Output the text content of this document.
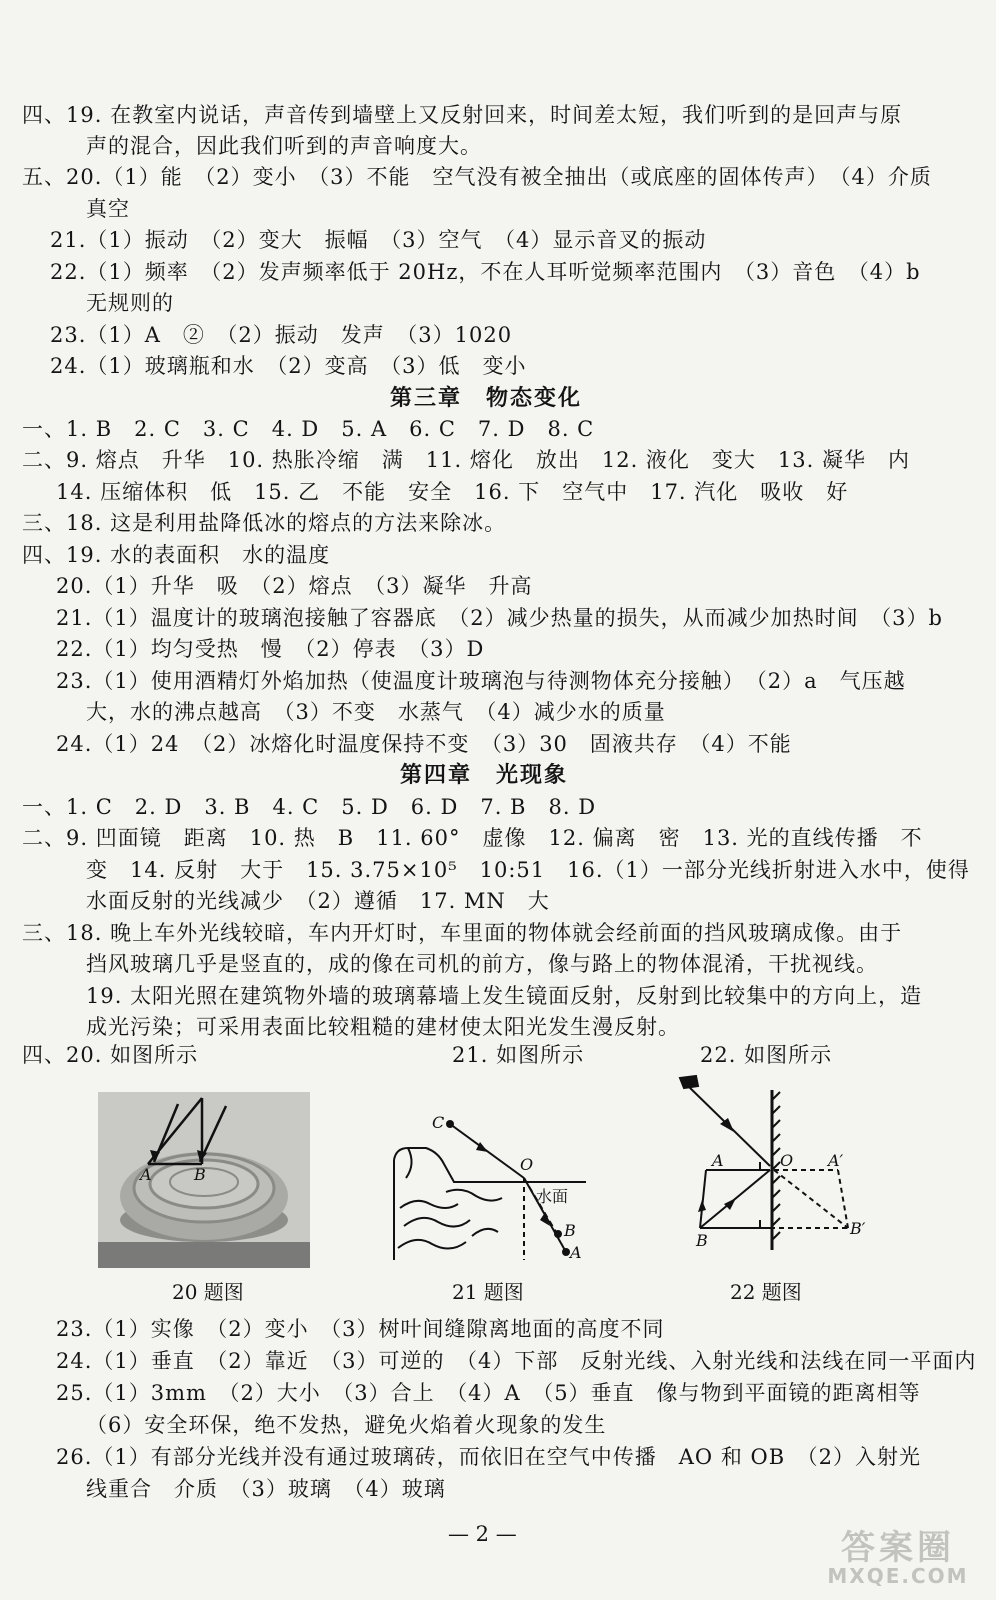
四、19. 在教室内说话，声音传到墙壁上又反射回来，时间差太短，我们听到的是回声与原
声的混合，因此我们听到的声音响度大。
五、20.（1）能　（2）变小　（3）不能　空气没有被全抽出（或底座的固体传声）　（4）介质
真空
21.（1）振动　（2）变大　振幅　（3）空气　（4）显示音叉的振动
22.（1）频率　（2）发声频率低于 20Hz，不在人耳听觉频率范围内　（3）音色　（4）b
无规则的
23.（1）A　②　（2）振动　发声　（3）1020
24.（1）玻璃瓶和水　（2）变高　（3）低　变小
第三章　物态变化
一、1. B　2. C　3. C　4. D　5. A　6. C　7. D　8. C
二、9. 熔点　升华　10. 热胀冷缩　满　11. 熔化　放出　12. 液化　变大　13. 凝华　内
14. 压缩体积　低　15. 乙　不能　安全　16. 下　空气中　17. 汽化　吸收　好
三、18. 这是利用盐降低冰的熔点的方法来除冰。
四、19. 水的表面积　水的温度
20.（1）升华　吸　（2）熔点　（3）凝华　升高
21.（1）温度计的玻璃泡接触了容器底　（2）减少热量的损失，从而减少加热时间　（3）b
22.（1）均匀受热　慢　（2）停表　（3）D
23.（1）使用酒精灯外焰加热（使温度计玻璃泡与待测物体充分接触）　（2）a　气压越
大，水的沸点越高　（3）不变　水蒸气　（4）减少水的质量
24.（1）24　（2）冰熔化时温度保持不变　（3）30　固液共存　（4）不能
第四章　光现象
一、1. C　2. D　3. B　4. C　5. D　6. D　7. B　8. D
二、9. 凹面镜　距离　10. 热　B　11. 60°　虚像　12. 偏离　密　13. 光的直线传播　不
变　14. 反射　大于　15. 3.75×10⁵　10:51　16.（1）一部分光线折射进入水中，使得
水面反射的光线减少　（2）遵循　17. MN　大
三、18. 晚上车外光线较暗，车内开灯时，车里面的物体就会经前面的挡风玻璃成像。由于
挡风玻璃几乎是竖直的，成的像在司机的前方，像与路上的物体混淆，干扰视线。
19. 太阳光照在建筑物外墙的玻璃幕墙上发生镜面反射，反射到比较集中的方向上，造
成光污染；可采用表面比较粗糙的建材使太阳光发生漫反射。
四、20. 如图所示	21. 如图所示	22. 如图所示
A	B
20 题图
C
O
水面
B
A
21 题图
A	O A′
B
B′
22 题图
23.（1）实像　（2）变小　（3）树叶间缝隙离地面的高度不同
24.（1）垂直　（2）靠近　（3）可逆的　（4）下部　反射光线、入射光线和法线在同一平面内
25.（1）3mm　（2）大小　（3）合上　（4）A　（5）垂直　像与物到平面镜的距离相等
（6）安全环保，绝不发热，避免火焰着火现象的发生
26.（1）有部分光线并没有通过玻璃砖，而依旧在空气中传播　AO 和 OB　（2）入射光
线重合　介质　（3）玻璃　（4）玻璃
— 2 —	答案圈
MXQE.COM
